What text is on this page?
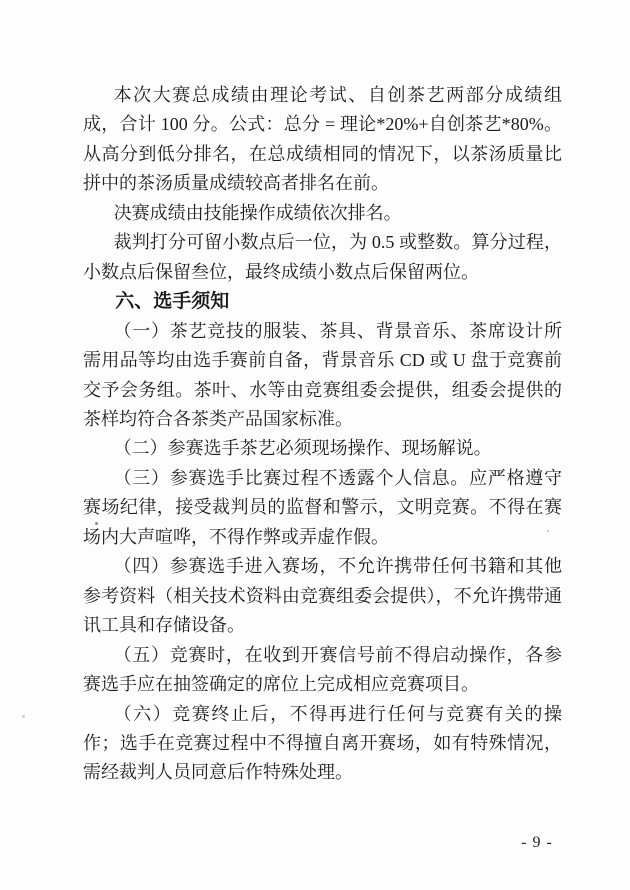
本次大赛总成绩由理论考试、自创茶艺两部分成绩组成，合计 100 分。公式：总分 = 理论*20%+自创茶艺*80%。从高分到低分排名，在总成绩相同的情况下，以茶汤质量比拼中的茶汤质量成绩较高者排名在前。

决赛成绩由技能操作成绩依次排名。

裁判打分可留小数点后一位，为 0.5 或整数。算分过程，小数点后保留叁位，最终成绩小数点后保留两位。

六、选手须知

（一）茶艺竞技的服装、茶具、背景音乐、茶席设计所需用品等均由选手赛前自备，背景音乐 CD 或 U 盘于竞赛前交予会务组。茶叶、水等由竞赛组委会提供，组委会提供的茶样均符合各茶类产品国家标准。

（二）参赛选手茶艺必须现场操作、现场解说。

（三）参赛选手比赛过程不透露个人信息。应严格遵守赛场纪律，接受裁判员的监督和警示，文明竞赛。不得在赛场内大声喧哗，不得作弊或弄虚作假。

（四）参赛选手进入赛场，不允许携带任何书籍和其他参考资料（相关技术资料由竞赛组委会提供），不允许携带通讯工具和存储设备。

（五）竞赛时，在收到开赛信号前不得启动操作，各参赛选手应在抽签确定的席位上完成相应竞赛项目。

（六）竞赛终止后，不得再进行任何与竞赛有关的操作；选手在竞赛过程中不得擅自离开赛场，如有特殊情况，需经裁判人员同意后作特殊处理。

- 9 -
